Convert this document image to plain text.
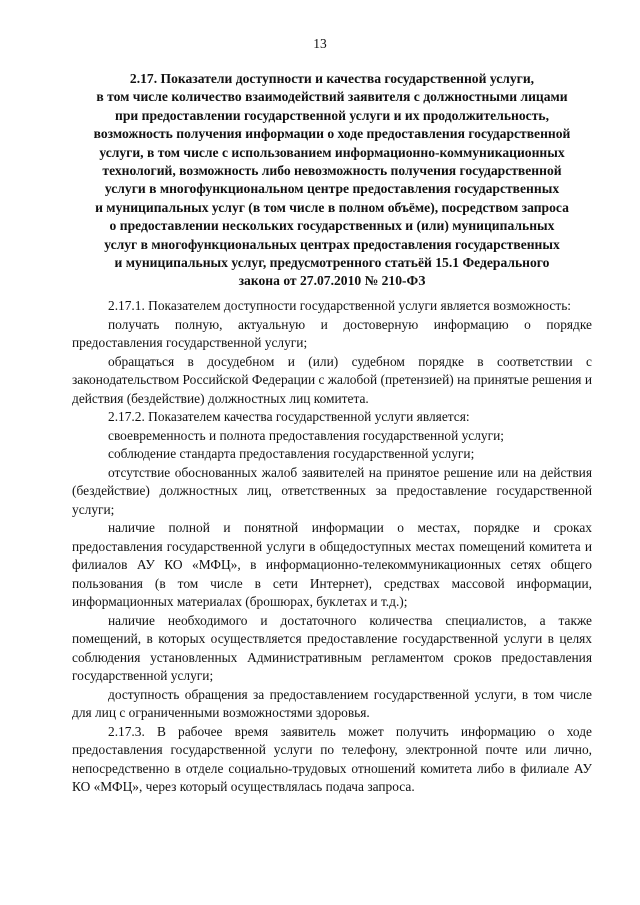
13
2.17. Показатели доступности и качества государственной услуги,
в том числе количество взаимодействий заявителя с должностными лицами
при предоставлении государственной услуги и их продолжительность,
возможность получения информации о ходе предоставления государственной
услуги, в том числе с использованием информационно-коммуникационных
технологий, возможность либо невозможность получения государственной
услуги в многофункциональном центре предоставления государственных
и муниципальных услуг (в том числе в полном объёме), посредством запроса
о предоставлении нескольких государственных и (или) муниципальных
услуг в многофункциональных центрах предоставления государственных
и муниципальных услуг, предусмотренного статьёй 15.1 Федерального
закона от 27.07.2010 № 210-ФЗ

2.17.1. Показателем доступности государственной услуги является возможность:

получать полную, актуальную и достоверную информацию о порядке предоставления государственной услуги;

обращаться в досудебном и (или) судебном порядке в соответствии с законодательством Российской Федерации с жалобой (претензией) на принятые решения и действия (бездействие) должностных лиц комитета.

2.17.2. Показателем качества государственной услуги является:

своевременность и полнота предоставления государственной услуги;

соблюдение стандарта предоставления государственной услуги;

отсутствие обоснованных жалоб заявителей на принятое решение или на действия (бездействие) должностных лиц, ответственных за предоставление государственной услуги;

наличие полной и понятной информации о местах, порядке и сроках предоставления государственной услуги в общедоступных местах помещений комитета и филиалов АУ КО «МФЦ», в информационно-телекоммуникационных сетях общего пользования (в том числе в сети Интернет), средствах массовой информации, информационных материалах (брошюрах, буклетах и т.д.);

наличие необходимого и достаточного количества специалистов, а также помещений, в которых осуществляется предоставление государственной услуги в целях соблюдения установленных Административным регламентом сроков предоставления государственной услуги;

доступность обращения за предоставлением государственной услуги, в том числе для лиц с ограниченными возможностями здоровья.

2.17.3. В рабочее время заявитель может получить информацию о ходе предоставления государственной услуги по телефону, электронной почте или лично, непосредственно в отделе социально-трудовых отношений комитета либо в филиале АУ КО «МФЦ», через который осуществлялась подача запроса.
